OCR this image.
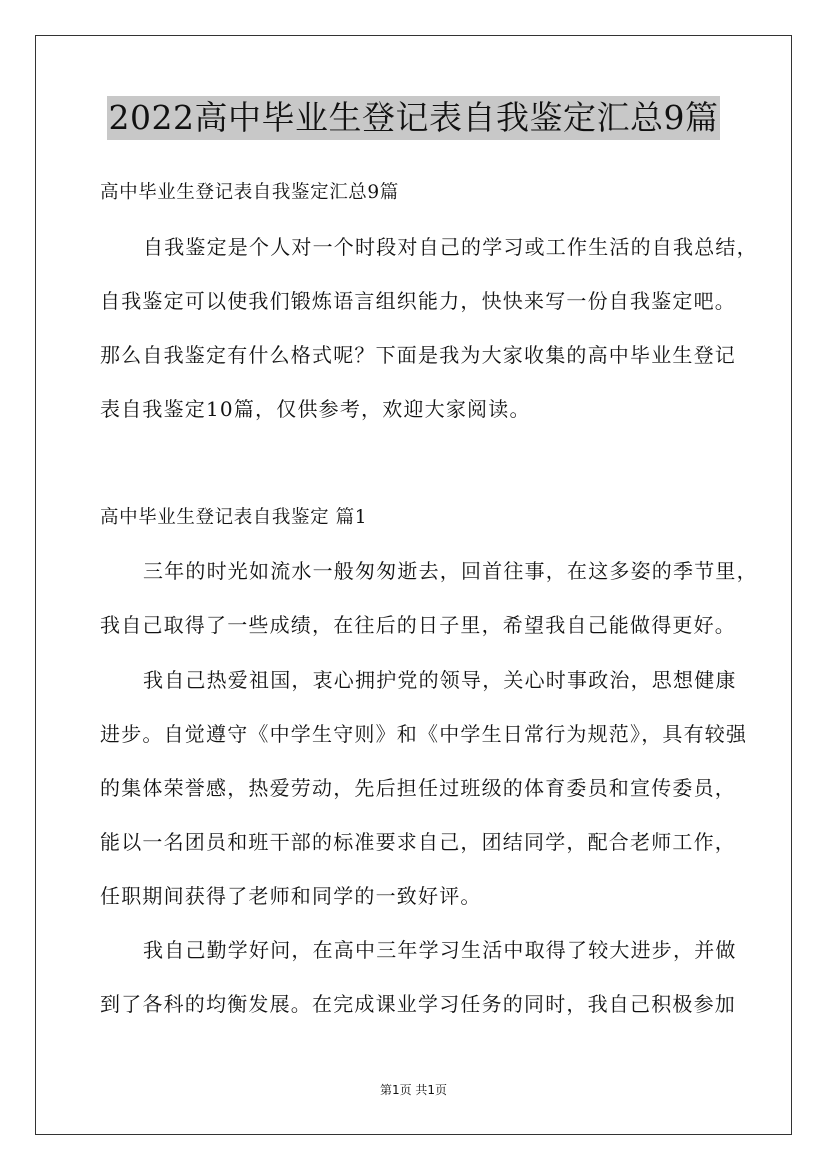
2022高中毕业生登记表自我鉴定汇总9篇
高中毕业生登记表自我鉴定汇总9篇
自我鉴定是个人对一个时段对自己的学习或工作生活的自我总结，
自我鉴定可以使我们锻炼语言组织能力，快快来写一份自我鉴定吧。
那么自我鉴定有什么格式呢？下面是我为大家收集的高中毕业生登记
表自我鉴定10篇，仅供参考，欢迎大家阅读。
高中毕业生登记表自我鉴定 篇1
三年的时光如流水一般匆匆逝去，回首往事，在这多姿的季节里，
我自己取得了一些成绩，在往后的日子里，希望我自己能做得更好。
我自己热爱祖国，衷心拥护党的领导，关心时事政治，思想健康
进步。自觉遵守《中学生守则》和《中学生日常行为规范》，具有较强
的集体荣誉感，热爱劳动，先后担任过班级的体育委员和宣传委员，
能以一名团员和班干部的标准要求自己，团结同学，配合老师工作，
任职期间获得了老师和同学的一致好评。
我自己勤学好问，在高中三年学习生活中取得了较大进步，并做
到了各科的均衡发展。在完成课业学习任务的同时，我自己积极参加
第1页 共1页
